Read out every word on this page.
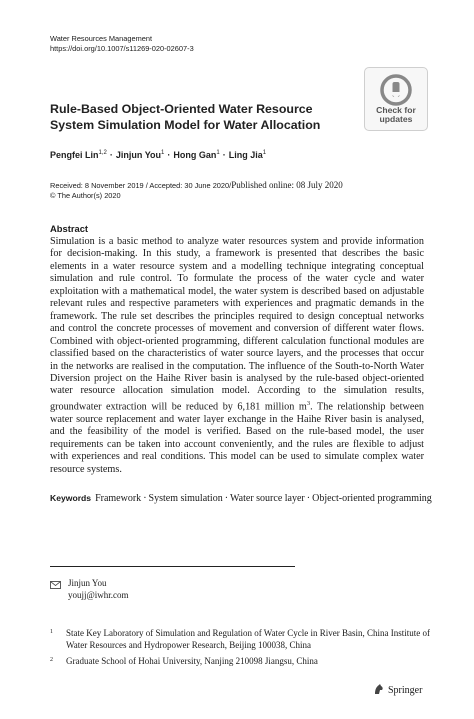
Water Resources Management
https://doi.org/10.1007/s11269-020-02607-3
Check for
updates
Rule-Based Object-Oriented Water Resource System Simulation Model for Water Allocation
Pengfei Lin$^{1,2}$ · Jinjun You$^1$ · Hong Gan$^1$ · Ling Jia$^1$
Received: 8 November 2019 / Accepted: 30 June 2020/Published online: 08 July 2020
© The Author(s) 2020
Abstract
Simulation is a basic method to analyze water resources system and provide information for decision-making. In this study, a framework is presented that describes the basic elements in a water resource system and a modelling technique integrating conceptual simulation and rule control. To formulate the process of the water cycle and water exploitation with a mathematical model, the water system is described based on adjustable relevant rules and respective parameters with experiences and pragmatic demands in the framework. The rule set describes the principles required to design conceptual networks and control the concrete processes of movement and conversion of different water flows. Combined with object-oriented programming, different calculation functional modules are classified based on the characteristics of water source layers, and the processes that occur in the networks are realised in the computation. The influence of the South-to-North Water Diversion project on the Haihe River basin is analysed by the rule-based object-oriented water resource allocation simulation model. According to the simulation results, groundwater extraction will be reduced by 6,181 million $m^3$. The relationship between water source replacement and water layer exchange in the Haihe River basin is analysed, and the feasibility of the model is verified. Based on the rule-based model, the user requirements can be taken into account conveniently, and the rules are flexible to adjust with experiences and real conditions. This model can be used to simulate complex water resource systems.
Keywords Framework · System simulation · Water source layer · Object-oriented programming
Jinjun You
youjj@iwhr.com
1 State Key Laboratory of Simulation and Regulation of Water Cycle in River Basin, China Institute of Water Resources and Hydropower Research, Beijing 100038, China
2 Graduate School of Hohai University, Nanjing 210098 Jiangsu, China
Springer
